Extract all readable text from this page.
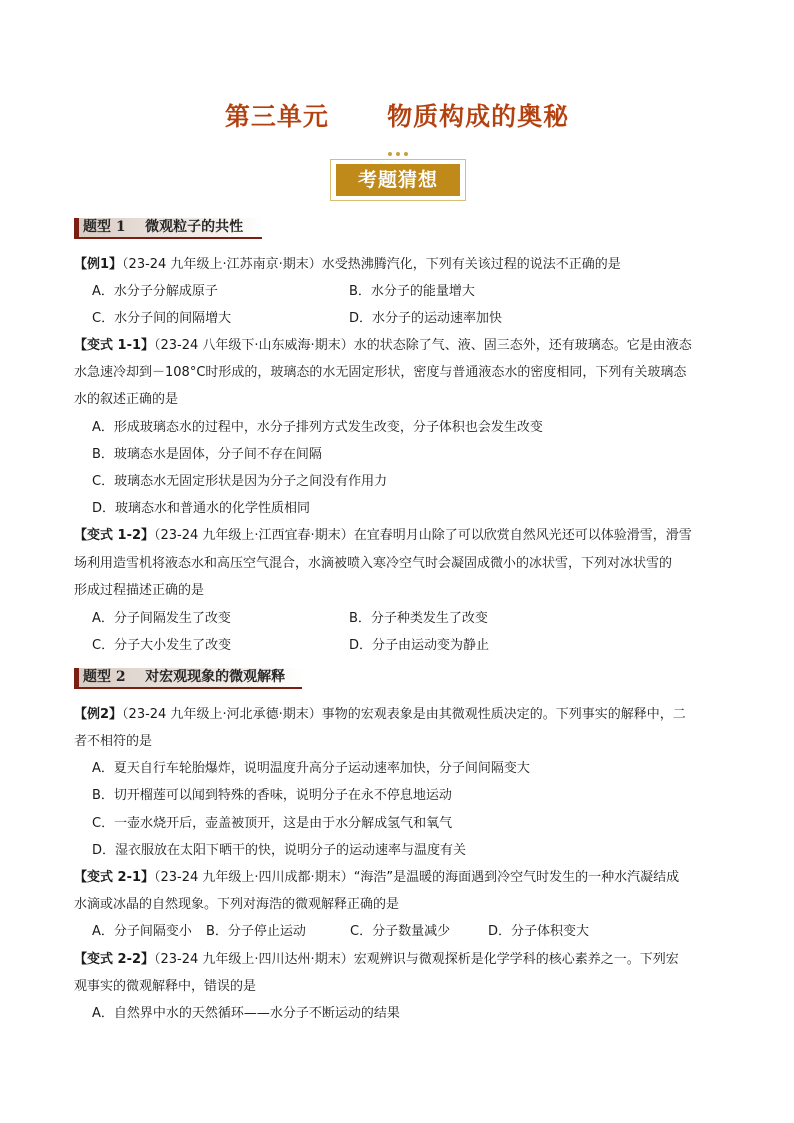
第三单元      物质构成的奥秘
考题猜想
题型 1    微观粒子的共性
【例1】（23-24 九年级上·江苏南京·期末）水受热沸腾汽化，下列有关该过程的说法不正确的是
A．水分子分解成原子	B．水分子的能量增大
C．水分子间的间隔增大	D．水分子的运动速率加快
【变式 1-1】（23-24 八年级下·山东威海·期末）水的状态除了气、液、固三态外，还有玻璃态。它是由液态
水急速冷却到－108°C时形成的，玻璃态的水无固定形状，密度与普通液态水的密度相同，下列有关玻璃态
水的叙述正确的是
A．形成玻璃态水的过程中，水分子排列方式发生改变，分子体积也会发生改变
B．玻璃态水是固体，分子间不存在间隔
C．玻璃态水无固定形状是因为分子之间没有作用力
D．玻璃态水和普通水的化学性质相同
【变式 1-2】（23-24 九年级上·江西宜春·期末）在宜春明月山除了可以欣赏自然风光还可以体验滑雪，滑雪
场利用造雪机将液态水和高压空气混合，水滴被喷入寒冷空气时会凝固成微小的冰状雪，下列对冰状雪的
形成过程描述正确的是
A．分子间隔发生了改变	B．分子种类发生了改变
C．分子大小发生了改变	D．分子由运动变为静止
题型 2    对宏观现象的微观解释
【例2】（23-24 九年级上·河北承德·期末）事物的宏观表象是由其微观性质决定的。下列事实的解释中，二
者不相符的是
A．夏天自行车轮胎爆炸，说明温度升高分子运动速率加快，分子间间隔变大
B．切开榴莲可以闻到特殊的香味，说明分子在永不停息地运动
C．一壶水烧开后，壶盖被顶开，这是由于水分解成氢气和氧气
D．湿衣服放在太阳下晒干的快，说明分子的运动速率与温度有关
【变式 2-1】（23-24 九年级上·四川成都·期末）“海浩”是温暖的海面遇到冷空气时发生的一种水汽凝结成
水滴或冰晶的自然现象。下列对海浩的微观解释正确的是
A．分子间隔变小 B．分子停止运动	C．分子数量减少	D．分子体积变大
【变式 2-2】（23-24 九年级上·四川达州·期末）宏观辨识与微观探析是化学学科的核心素养之一。下列宏
观事实的微观解释中，错误的是
A．自然界中水的天然循环——水分子不断运动的结果
